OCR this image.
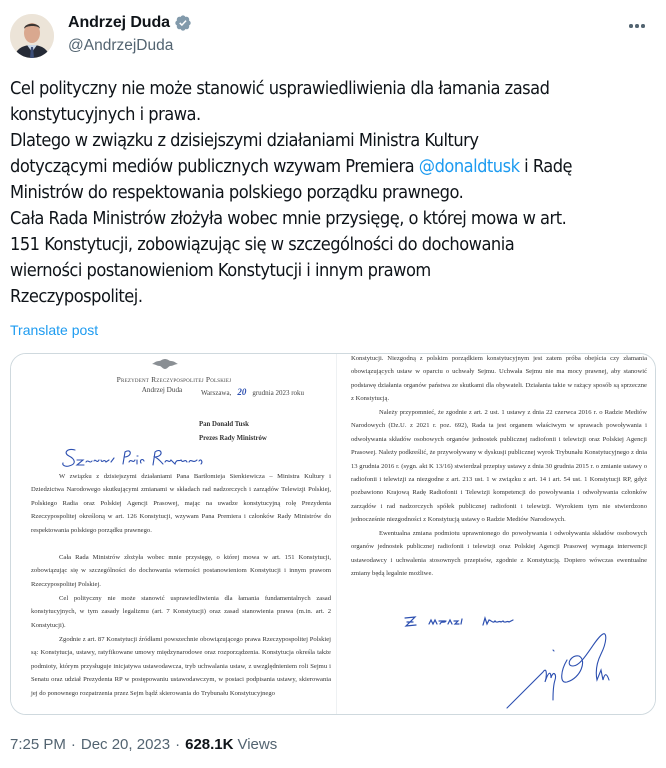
Andrzej Duda
@AndrzejDuda

Cel polityczny nie może stanowić usprawiedliwienia dla łamania zasad

konstytucyjnych i prawa.

Dlatego w związku z dzisiejszymi działaniami Ministra Kultury

dotyczącymi mediów publicznych wzywam Premiera @donaldtusk i Radę

Ministrów do respektowania polskiego porządku prawnego.

Cała Rada Ministrów złożyła wobec mnie przysięgę, o której mowa w art.

151 Konstytucji, zobowiązując się w szczególności do dochowania

wierności postanowieniom Konstytucji i innym prawom

Rzeczypospolitej.

Translate post
Prezydent Rzeczypospolitej Polskiej
Andrzej Duda	Warszawa, 20 grudnia 2023 roku
Pan Donald Tusk
Prezes Rady Ministrów
W związku z dzisiejszymi działaniami Pana Bartłomieja Sienkiewicza – Ministra Kultury i Dziedzictwa Narodowego skutkującymi zmianami w składach rad nadzorczych i zarządów Telewizji Polskiej, Polskiego Radia oraz Polskiej Agencji Prasowej, mając na uwadze konstytucyjną rolę Prezydenta Rzeczypospolitej określoną w art. 126 Konstytucji, wzywam Pana Premiera i członków Rady Ministrów do respektowania polskiego porządku prawnego.
Cała Rada Ministrów złożyła wobec mnie przysięgę, o której mowa w art. 151 Konstytucji, zobowiązując się w szczególności do dochowania wierności postanowieniom Konstytucji i innym prawom Rzeczypospolitej Polskiej.
Cel polityczny nie może stanowić usprawiedliwienia dla łamania fundamentalnych zasad konstytucyjnych, w tym zasady legalizmu (art. 7 Konstytucji) oraz zasad stanowienia prawa (m.in. art. 2 Konstytucji).
Zgodnie z art. 87 Konstytucji źródłami powszechnie obowiązującego prawa Rzeczypospolitej Polskiej są: Konstytucja, ustawy, ratyfikowane umowy międzynarodowe oraz rozporządzenia. Konstytucja określa także podmioty, którym przysługuje inicjatywa ustawodawcza, tryb uchwalania ustaw, z uwzględnieniem roli Sejmu i Senatu oraz udział Prezydenta RP w postępowaniu ustawodawczym, w postaci podpisania ustawy, skierowania jej do ponownego rozpatrzenia przez Sejm bądź skierowania do Trybunału Konstytucyjnego
Konstytucji. Niezgodną z polskim porządkiem konstytucyjnym jest zatem próba obejścia czy złamania obowiązujących ustaw w oparciu o uchwały Sejmu. Uchwała Sejmu nie ma mocy prawnej, aby stanowić podstawę działania organów państwa ze skutkami dla obywateli. Działania takie w rażący sposób są sprzeczne z Konstytucją.
Należy przypomnieć, że zgodnie z art. 2 ust. 1 ustawy z dnia 22 czerwca 2016 r. o Radzie Mediów Narodowych (Dz.U. z 2021 r. poz. 692), Rada ta jest organem właściwym w sprawach powoływania i odwoływania składów osobowych organów jednostek publicznej radiofonii i telewizji oraz Polskiej Agencji Prasowej. Należy podkreślić, że przywoływany w dyskusji publicznej wyrok Trybunału Konstytucyjnego z dnia 13 grudnia 2016 r. (sygn. akt K 13/16) stwierdzał przepisy ustawy z dnia 30 grudnia 2015 r. o zmianie ustawy o radiofonii i telewizji za niezgodne z art. 213 ust. 1 w związku z art. 14 i art. 54 ust. 1 Konstytucji RP, gdyż pozbawiono Krajową Radę Radiofonii i Telewizji kompetencji do powoływania i odwoływania członków zarządów i rad nadzorczych spółek publicznej radiofonii i telewizji. Wyrokiem tym nie stwierdzono jednocześnie niezgodności z Konstytucją ustawy o Radzie Mediów Narodowych.
Ewentualna zmiana podmiotu uprawnionego do powoływania i odwoływania składów osobowych organów jednostek publicznej radiofonii i telewizji oraz Polskiej Agencji Prasowej wymaga interwencji ustawodawcy i uchwalenia stosownych przepisów, zgodnie z Konstytucją. Dopiero wówczas ewentualne zmiany będą legalnie możliwe.
7:25 PM · Dec 20, 2023 · 628.1K Views
